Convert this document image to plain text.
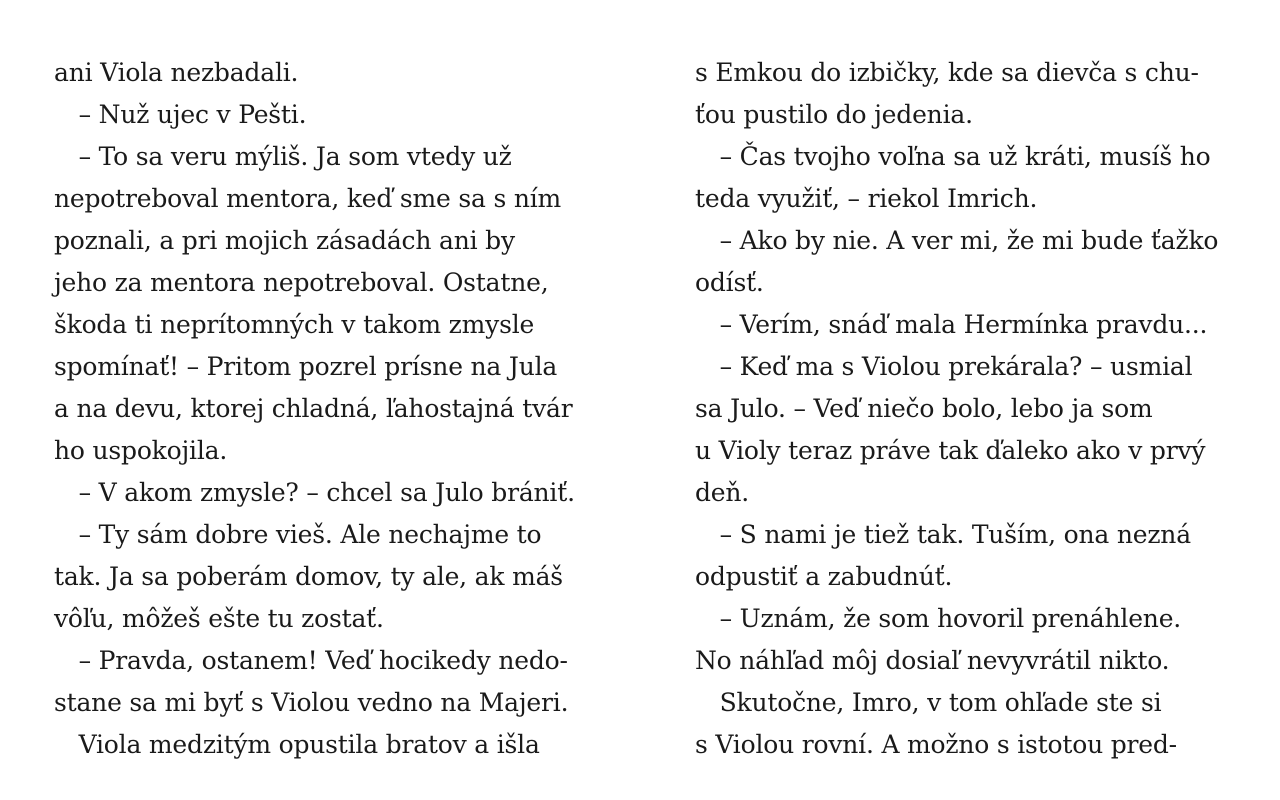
ani Viola nezbadali.
  – Nuž ujec v Pešti.
  – To sa veru mýliš. Ja som vtedy už
nepotreboval mentora, keď sme sa s ním
poznali, a pri mojich zásadách ani by
jeho za mentora nepotreboval. Ostatne,
škoda ti neprítomných v takom zmysle
spomínať! – Pritom pozrel prísne na Jula
a na devu, ktorej chladná, ľahostajná tvár
ho uspokojila.
  – V akom zmysle? – chcel sa Julo brániť.
  – Ty sám dobre vieš. Ale nechajme to
tak. Ja sa poberám domov, ty ale, ak máš
vôľu, môžeš ešte tu zostať.
  – Pravda, ostanem! Veď hocikedy nedo-
stane sa mi byť s Violou vedno na Majeri.
  Viola medzitým opustila bratov a išla
s Emkou do izbičky, kde sa dievča s chu-
ťou pustilo do jedenia.
  – Čas tvojho voľna sa už kráti, musíš ho
teda využiť, – riekol Imrich.
  – Ako by nie. A ver mi, že mi bude ťažko
odísť.
  – Verím, snáď mala Hermínka pravdu...
  – Keď ma s Violou prekárala? – usmial
sa Julo. – Veď niečo bolo, lebo ja som
u Violy teraz práve tak ďaleko ako v prvý
deň.
  – S nami je tiež tak. Tuším, ona nezná
odpustiť a zabudnúť.
  – Uznám, že som hovoril prenáhlene.
No náhľad môj dosiaľ nevyvrátil nikto.
  Skutočne, Imro, v tom ohľade ste si
s Violou rovní. A možno s istotou pred-
